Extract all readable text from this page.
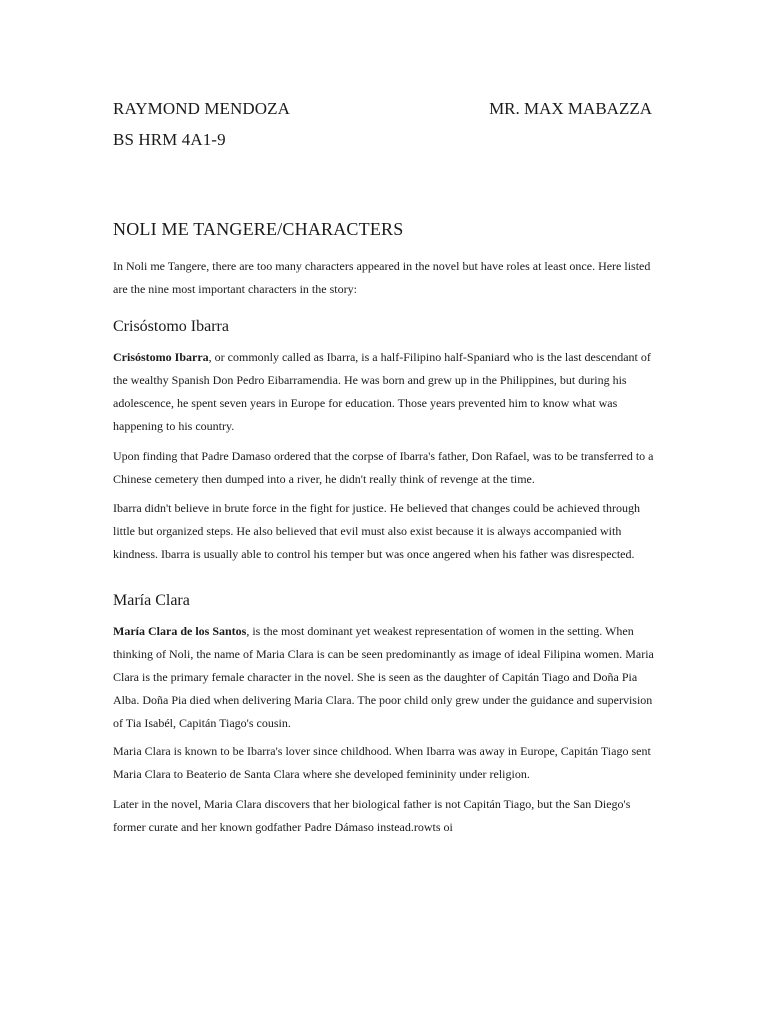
RAYMOND MENDOZA	MR. MAX MABAZZA
BS HRM 4A1-9
NOLI ME TANGERE/CHARACTERS

In Noli me Tangere, there are too many characters appeared in the novel but have roles at least once. Here listed are the nine most important characters in the story:

Crisóstomo Ibarra

Crisóstomo Ibarra, or commonly called as Ibarra, is a half-Filipino half-Spaniard who is the last descendant of the wealthy Spanish Don Pedro Eibarramendia. He was born and grew up in the Philippines, but during his adolescence, he spent seven years in Europe for education. Those years prevented him to know what was happening to his country.

Upon finding that Padre Damaso ordered that the corpse of Ibarra's father, Don Rafael, was to be transferred to a Chinese cemetery then dumped into a river, he didn't really think of revenge at the time.

Ibarra didn't believe in brute force in the fight for justice. He believed that changes could be achieved through little but organized steps. He also believed that evil must also exist because it is always accompanied with kindness. Ibarra is usually able to control his temper but was once angered when his father was disrespected.

María Clara

María Clara de los Santos, is the most dominant yet weakest representation of women in the setting. When thinking of Noli, the name of Maria Clara is can be seen predominantly as image of ideal Filipina women. Maria Clara is the primary female character in the novel. She is seen as the daughter of Capitán Tiago and Doña Pia Alba. Doña Pia died when delivering Maria Clara. The poor child only grew under the guidance and supervision of Tia Isabél, Capitán Tiago's cousin.

Maria Clara is known to be Ibarra's lover since childhood. When Ibarra was away in Europe, Capitán Tiago sent Maria Clara to Beaterio de Santa Clara where she developed femininity under religion.

Later in the novel, Maria Clara discovers that her biological father is not Capitán Tiago, but the San Diego's former curate and her known godfather Padre Dámaso instead.rowts oi
